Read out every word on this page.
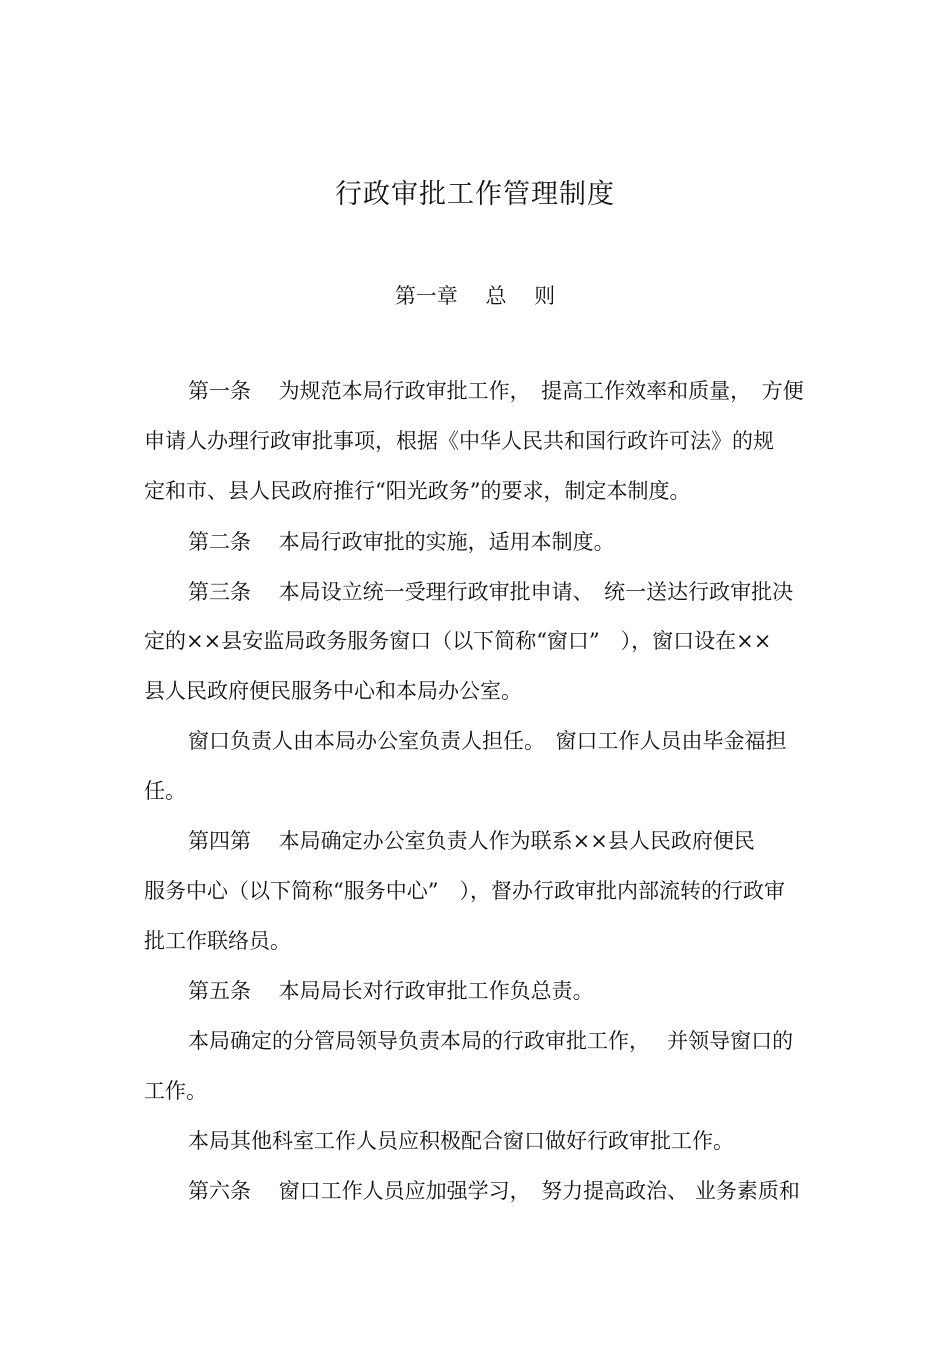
行政审批工作管理制度
第一章　 总　 则
第一条　 为规范本局行政审批工作，　提高工作效率和质量，　方便
申请人办理行政审批事项，根据《中华人民共和国行政许可法》的规
定和市、县人民政府推行“阳光政务”的要求，制定本制度。
第二条　 本局行政审批的实施，适用本制度。
第三条　 本局设立统一受理行政审批申请、　统一送达行政审批决
定的××县安监局政务服务窗口（以下简称“窗口”　），窗口设在××
县人民政府便民服务中心和本局办公室。
窗口负责人由本局办公室负责人担任。　窗口工作人员由毕金福担
任。
第四第　 本局确定办公室负责人作为联系××县人民政府便民
服务中心（以下简称“服务中心”　），督办行政审批内部流转的行政审
批工作联络员。
第五条　 本局局长对行政审批工作负总责。
本局确定的分管局领导负责本局的行政审批工作，　 并领导窗口的
工作。
本局其他科室工作人员应积极配合窗口做好行政审批工作。
第六条　 窗口工作人员应加强学习，　努力提高政治、 业务素质和
